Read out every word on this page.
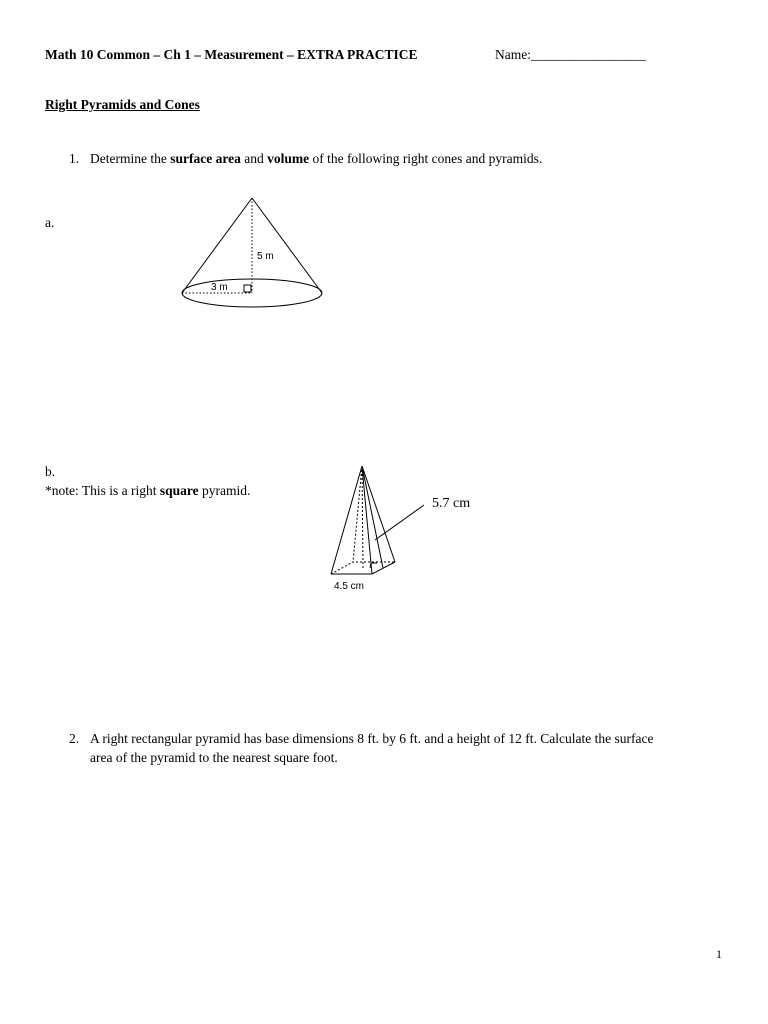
Math 10 Common – Ch 1 – Measurement – EXTRA PRACTICE	Name:_________________
Right Pyramids and Cones
1. Determine the surface area and volume of the following right cones and pyramids.
a.
5 m
3 m
b.
*note: This is a right square pyramid.
5.7 cm
4.5 cm
2. A right rectangular pyramid has base dimensions 8 ft. by 6 ft. and a height of 12 ft. Calculate the surface
area of the pyramid to the nearest square foot.
1
